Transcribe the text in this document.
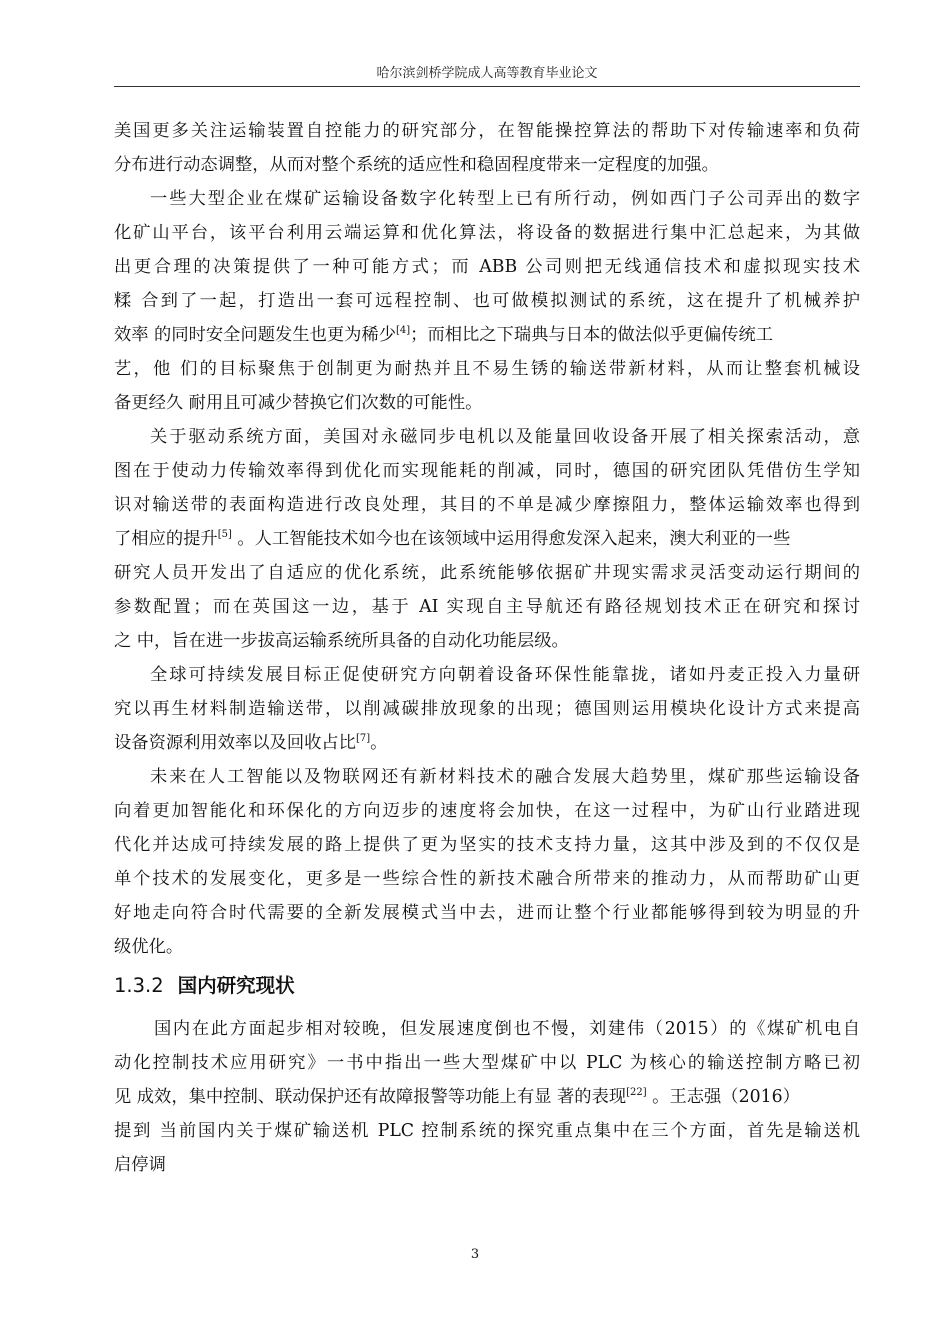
哈尔滨剑桥学院成人高等教育毕业论文
美国更多关注运输装置自控能力的研究部分，在智能操控算法的帮助下对传输速率和负荷
分布进行动态调整，从而对整个系统的适应性和稳固程度带来一定程度的加强。
一些大型企业在煤矿运输设备数字化转型上已有所行动，例如西门子公司弄出的数字
化矿山平台，该平台利用云端运算和优化算法，将设备的数据进行集中汇总起来，为其做
出更合理的决策提供了一种可能方式；而 ABB 公司则把无线通信技术和虚拟现实技术
糅 合到了一起，打造出一套可远程控制、也可做模拟测试的系统，这在提升了机械养护
效率 的同时安全问题发生也更为稀少[4]；而相比之下瑞典与日本的做法似乎更偏传统工
艺，他 们的目标聚焦于创制更为耐热并且不易生锈的输送带新材料，从而让整套机械设
备更经久 耐用且可减少替换它们次数的可能性。
关于驱动系统方面，美国对永磁同步电机以及能量回收设备开展了相关探索活动，意
图在于使动力传输效率得到优化而实现能耗的削减，同时，德国的研究团队凭借仿生学知
识对输送带的表面构造进行改良处理，其目的不单是减少摩擦阻力，整体运输效率也得到
了相应的提升[5] 。人工智能技术如今也在该领域中运用得愈发深入起来，澳大利亚的一些
研究人员开发出了自适应的优化系统，此系统能够依据矿井现实需求灵活变动运行期间的
参数配置；而在英国这一边，基于 AI 实现自主导航还有路径规划技术正在研究和探讨
之 中，旨在进一步拔高运输系统所具备的自动化功能层级。
全球可持续发展目标正促使研究方向朝着设备环保性能靠拢，诸如丹麦正投入力量研
究以再生材料制造输送带，以削减碳排放现象的出现；德国则运用模块化设计方式来提高
设备资源利用效率以及回收占比[7]。
未来在人工智能以及物联网还有新材料技术的融合发展大趋势里，煤矿那些运输设备
向着更加智能化和环保化的方向迈步的速度将会加快，在这一过程中，为矿山行业踏进现
代化并达成可持续发展的路上提供了更为坚实的技术支持力量，这其中涉及到的不仅仅是
单个技术的发展变化，更多是一些综合性的新技术融合所带来的推动力，从而帮助矿山更
好地走向符合时代需要的全新发展模式当中去，进而让整个行业都能够得到较为明显的升
级优化。
1.3.2 国内研究现状
国内在此方面起步相对较晚，但发展速度倒也不慢，刘建伟（2015）的《煤矿机电自
动化控制技术应用研究》一书中指出一些大型煤矿中以 PLC 为核心的输送控制方略已初
见 成效，集中控制、联动保护还有故障报警等功能上有显 著的表现[22] 。王志强（2016）
提到 当前国内关于煤矿输送机 PLC 控制系统的探究重点集中在三个方面，首先是输送机
启停调
3
